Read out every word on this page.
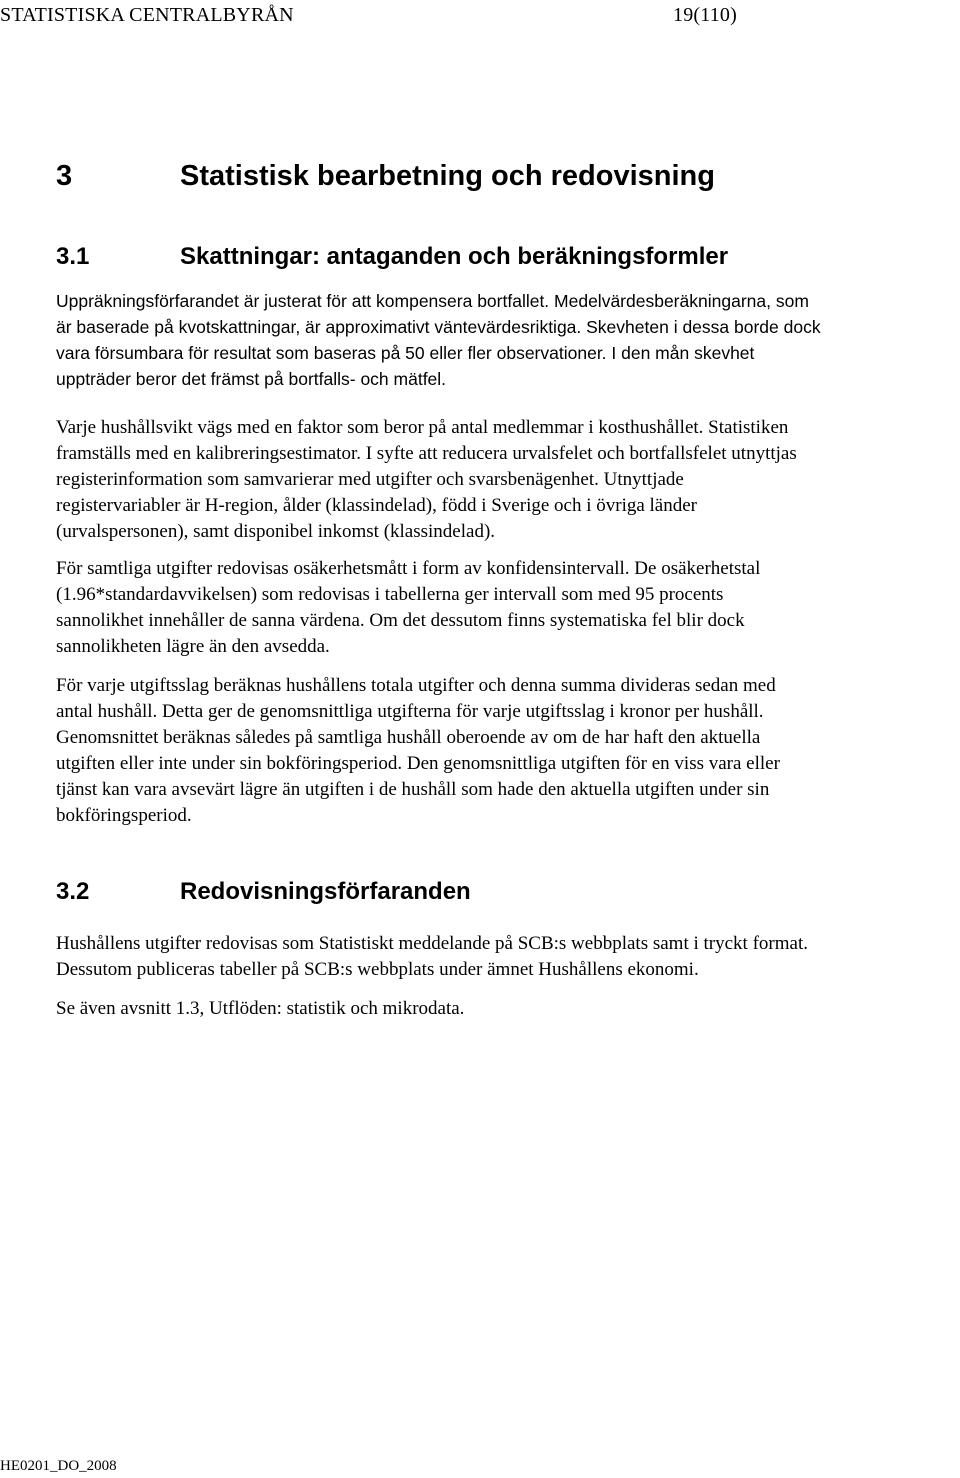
STATISTISKA CENTRALBYRÅN	19(110)
3	Statistisk bearbetning och redovisning
3.1	Skattningar: antaganden och beräkningsformler

Uppräkningsförfarandet är justerat för att kompensera bortfallet. Medelvärdesberäkningarna, som
är baserade på kvotskattningar, är approximativt väntevärdesriktiga. Skevheten i dessa borde dock
vara försumbara för resultat som baseras på 50 eller fler observationer. I den mån skevhet
uppträder beror det främst på bortfalls- och mätfel.

Varje hushållsvikt vägs med en faktor som beror på antal medlemmar i kosthushållet. Statistiken
framställs med en kalibreringsestimator. I syfte att reducera urvalsfelet och bortfallsfelet utnyttjas
registerinformation som samvarierar med utgifter och svarsbenägenhet. Utnyttjade
registervariabler är H-region, ålder (klassindelad), född i Sverige och i övriga länder
(urvalspersonen), samt disponibel inkomst (klassindelad).

För samtliga utgifter redovisas osäkerhetsmått i form av konfidensintervall. De osäkerhetstal
(1.96*standardavvikelsen) som redovisas i tabellerna ger intervall som med 95 procents
sannolikhet innehåller de sanna värdena. Om det dessutom finns systematiska fel blir dock
sannolikheten lägre än den avsedda.

För varje utgiftsslag beräknas hushållens totala utgifter och denna summa divideras sedan med
antal hushåll. Detta ger de genomsnittliga utgifterna för varje utgiftsslag i kronor per hushåll.
Genomsnittet beräknas således på samtliga hushåll oberoende av om de har haft den aktuella
utgiften eller inte under sin bokföringsperiod. Den genomsnittliga utgiften för en viss vara eller
tjänst kan vara avsevärt lägre än utgiften i de hushåll som hade den aktuella utgiften under sin
bokföringsperiod.

3.2	Redovisningsförfaranden

Hushållens utgifter redovisas som Statistiskt meddelande på SCB:s webbplats samt i tryckt format.
Dessutom publiceras tabeller på SCB:s webbplats under ämnet Hushållens ekonomi.

Se även avsnitt 1.3, Utflöden: statistik och mikrodata.

HE0201_DO_2008
